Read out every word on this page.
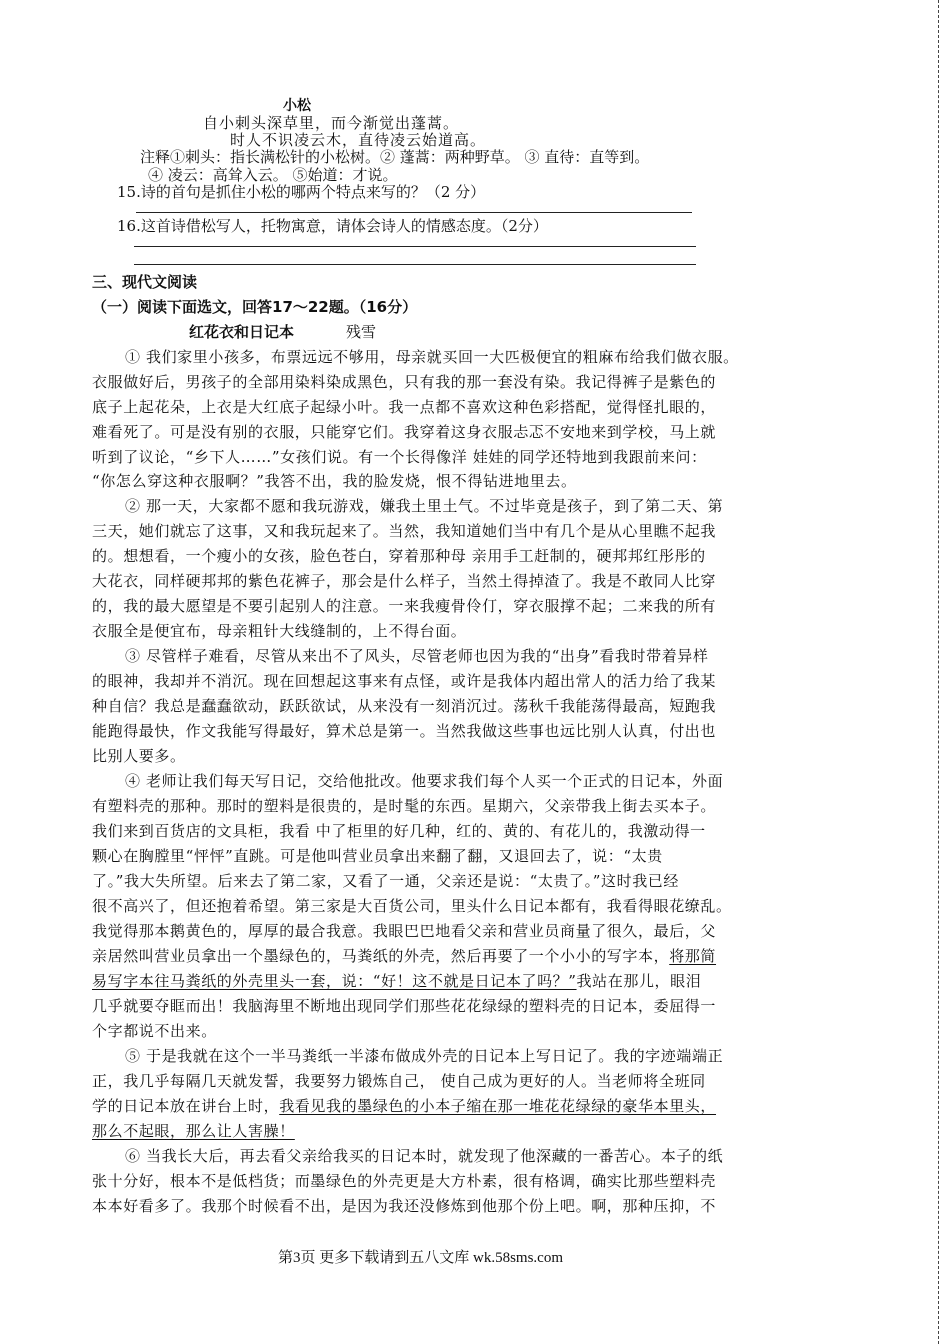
小松
自小刺头深草里，而今渐觉出蓬蒿。
时人不识凌云木，直待凌云始道高。
注释①刺头：指长满松针的小松树。② 蓬蒿：两种野草。 ③ 直待：直等到。
④ 凌云：高耸入云。 ⑤始道：才说。
15.诗的首句是抓住小松的哪两个特点来写的？（2 分）
16.这首诗借松写人，托物寓意，请体会诗人的情感态度。（2分）
三、现代文阅读
（一）阅读下面选文，回答17～22题。（16分）
红花衣和日记本	残雪
① 我们家里小孩多，布票远远不够用，母亲就买回一大匹极便宜的粗麻布给我们做衣服。
衣服做好后，男孩子的全部用染料染成黑色，只有我的那一套没有染。我记得裤子是紫色的
底子上起花朵，上衣是大红底子起绿小叶。我一点都不喜欢这种色彩搭配，觉得怪扎眼的，
难看死了。可是没有别的衣服，只能穿它们。我穿着这身衣服忐忑不安地来到学校，马上就
听到了议论，“乡下人……”女孩们说。有一个长得像洋 娃娃的同学还特地到我跟前来问：
“你怎么穿这种衣服啊？”我答不出，我的脸发烧，恨不得钻进地里去。
② 那一天，大家都不愿和我玩游戏，嫌我土里土气。不过毕竟是孩子，到了第二天、第
三天，她们就忘了这事，又和我玩起来了。当然，我知道她们当中有几个是从心里瞧不起我
的。想想看，一个瘦小的女孩，脸色苍白，穿着那种母 亲用手工赶制的，硬邦邦红彤彤的
大花衣，同样硬邦邦的紫色花裤子，那会是什么样子，当然土得掉渣了。我是不敢同人比穿
的，我的最大愿望是不要引起别人的注意。一来我瘦骨伶仃，穿衣服撑不起；二来我的所有
衣服全是便宜布，母亲粗针大线缝制的，上不得台面。
③ 尽管样子难看，尽管从来出不了风头，尽管老师也因为我的“出身”看我时带着异样
的眼神，我却并不消沉。现在回想起这事来有点怪，或许是我体内超出常人的活力给了我某
种自信？我总是蠢蠢欲动，跃跃欲试，从来没有一刻消沉过。荡秋千我能荡得最高，短跑我
能跑得最快，作文我能写得最好，算术总是第一。当然我做这些事也远比别人认真，付出也
比别人要多。
④ 老师让我们每天写日记，交给他批改。他要求我们每个人买一个正式的日记本，外面
有塑料壳的那种。那时的塑料是很贵的，是时髦的东西。星期六，父亲带我上街去买本子。
我们来到百货店的文具柜，我看 中了柜里的好几种，红的、黄的、有花儿的，我激动得一
颗心在胸膛里“怦怦”直跳。可是他叫营业员拿出来翻了翻，又退回去了，说：“太贵
了。”我大失所望。后来去了第二家，又看了一通，父亲还是说：“太贵了。”这时我已经
很不高兴了，但还抱着希望。第三家是大百货公司，里头什么日记本都有，我看得眼花缭乱。
我觉得那本鹅黄色的，厚厚的最合我意。我眼巴巴地看父亲和营业员商量了很久，最后，父
亲居然叫营业员拿出一个墨绿色的，马粪纸的外壳，然后再要了一个小小的写字本，将那简
易写字本往马粪纸的外壳里头一套，说：“好！这不就是日记本了吗？”我站在那儿，眼泪
几乎就要夺眶而出！我脑海里不断地出现同学们那些花花绿绿的塑料壳的日记本，委屈得一
个字都说不出来。
⑤ 于是我就在这个一半马粪纸一半漆布做成外壳的日记本上写日记了。我的字迹端端正
正，我几乎每隔几天就发誓，我要努力锻炼自己， 使自己成为更好的人。当老师将全班同
学的日记本放在讲台上时，我看见我的墨绿色的小本子缩在那一堆花花绿绿的豪华本里头，
那么不起眼，那么让人害臊！
⑥ 当我长大后，再去看父亲给我买的日记本时，就发现了他深藏的一番苦心。本子的纸
张十分好，根本不是低档货；而墨绿色的外壳更是大方朴素，很有格调，确实比那些塑料壳
本本好看多了。我那个时候看不出，是因为我还没修炼到他那个份上吧。啊，那种压抑，不
第3页 更多下载请到五八文库 wk.58sms.com
